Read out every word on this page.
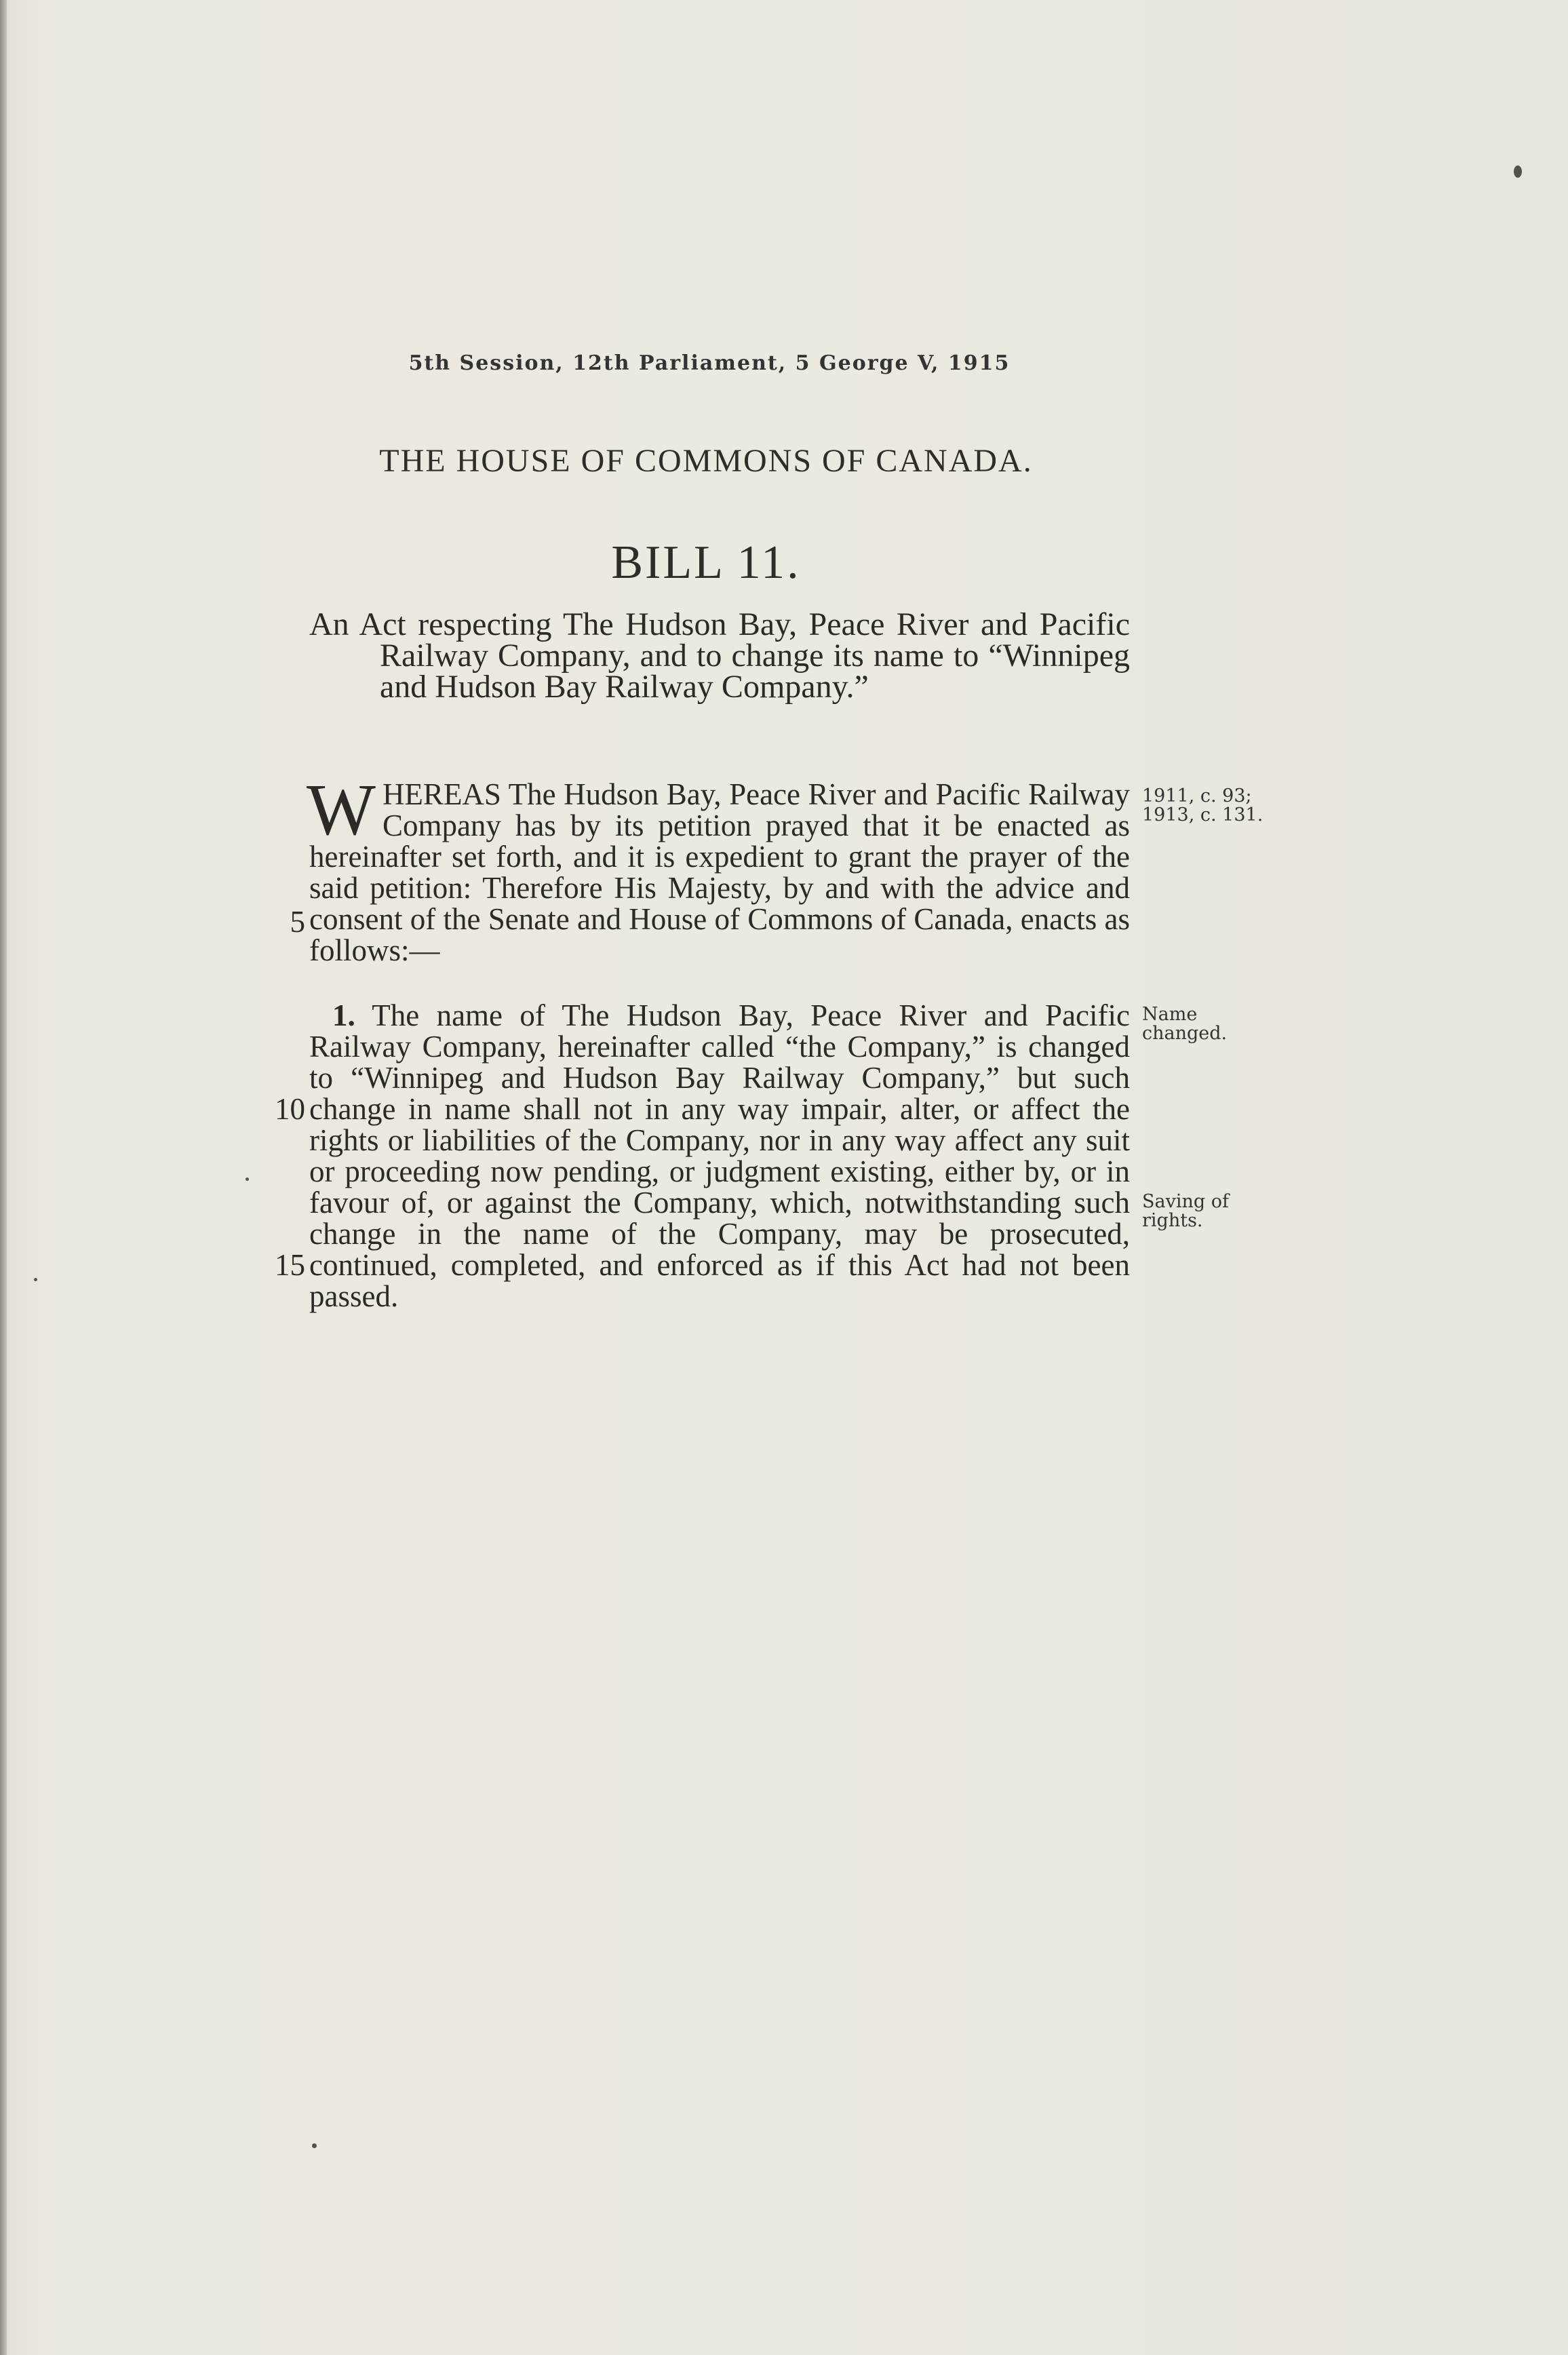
5th Session, 12th Parliament, 5 George V, 1915
THE HOUSE OF COMMONS OF CANADA.
BILL 11.
An Act respecting The Hudson Bay, Peace River and Pacific Railway Company, and to change its name to “Winnipeg and Hudson Bay Railway Company.”
W HEREAS The Hudson Bay, Peace River and Pacific Railway Company has by its petition prayed that it be enacted as hereinafter set forth, and it is expedient to grant the prayer of the said petition: Therefore His Majesty, by and with the advice and consent of the Senate and House of Commons of Canada, enacts as follows:—
1911, c. 93; 1913, c. 131.
5
1. The name of The Hudson Bay, Peace River and Pacific Railway Company, hereinafter called “the Company,” is changed to “Winnipeg and Hudson Bay Railway Company,” but such change in name shall not in any way impair, alter, or affect the rights or liabilities of the Company, nor in any way affect any suit or proceeding now pending, or judgment existing, either by, or in favour of, or against the Company, which, notwithstanding such change in the name of the Company, may be prosecuted, continued, completed, and enforced as if this Act had not been passed.
Name changed.
Saving of rights.
10
15
